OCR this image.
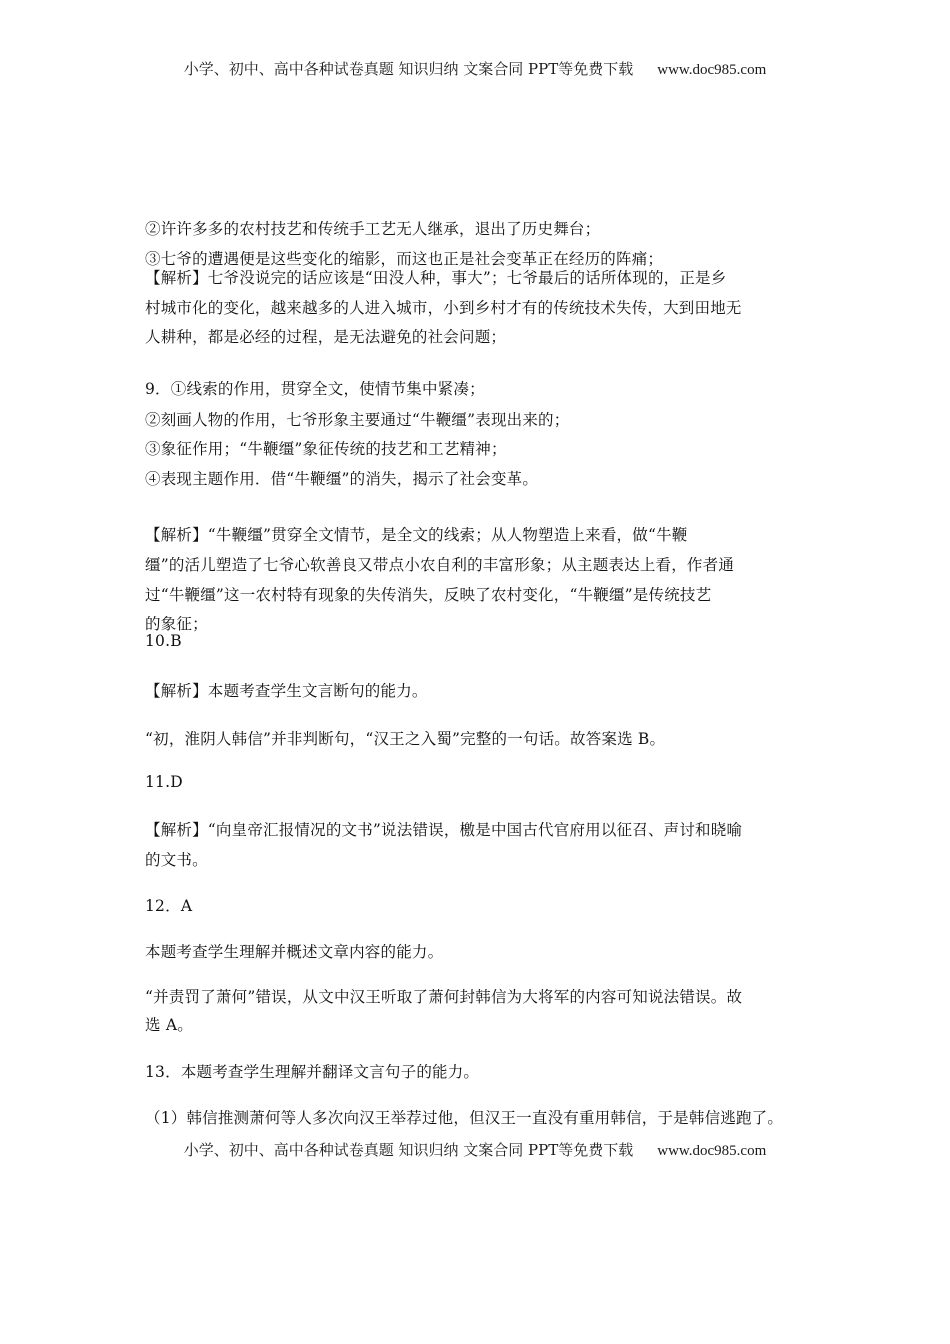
小学、初中、高中各种试卷真题 知识归纳 文案合同 PPT等免费下载 www.doc985.com
②许许多多的农村技艺和传统手工艺无人继承，退出了历史舞台；
③七爷的遭遇便是这些变化的缩影，而这也正是社会变革正在经历的阵痛；
【解析】七爷没说完的话应该是“田没人种，事大”；七爷最后的话所体现的，正是乡
村城市化的变化，越来越多的人进入城市，小到乡村才有的传统技术失传，大到田地无
人耕种，都是必经的过程，是无法避免的社会问题；
9．①线索的作用，贯穿全文，使情节集中紧凑；
②刻画人物的作用，七爷形象主要通过“牛鞭缰”表现出来的；
③象征作用；“牛鞭缰”象征传统的技艺和工艺精神；
④表现主题作用．借“牛鞭缰”的消失，揭示了社会变革。
【解析】“牛鞭缰”贯穿全文情节，是全文的线索；从人物塑造上来看，做“牛鞭
缰”的活儿塑造了七爷心软善良又带点小农自利的丰富形象；从主题表达上看，作者通
过“牛鞭缰”这一农村特有现象的失传消失，反映了农村变化，“牛鞭缰”是传统技艺
的象征；
10.B
【解析】本题考查学生文言断句的能力。
“初，淮阴人韩信”并非判断句，“汉王之入蜀”完整的一句话。故答案选 B。
11.D
【解析】“向皇帝汇报情况的文书”说法错误，檄是中国古代官府用以征召、声讨和晓喻
的文书。
12．A
本题考查学生理解并概述文章内容的能力。
“并责罚了萧何”错误，从文中汉王听取了萧何封韩信为大将军的内容可知说法错误。故
选 A。
13．本题考查学生理解并翻译文言句子的能力。
（1）韩信推测萧何等人多次向汉王举荐过他，但汉王一直没有重用韩信，于是韩信逃跑了。
小学、初中、高中各种试卷真题 知识归纳 文案合同 PPT等免费下载 www.doc985.com
